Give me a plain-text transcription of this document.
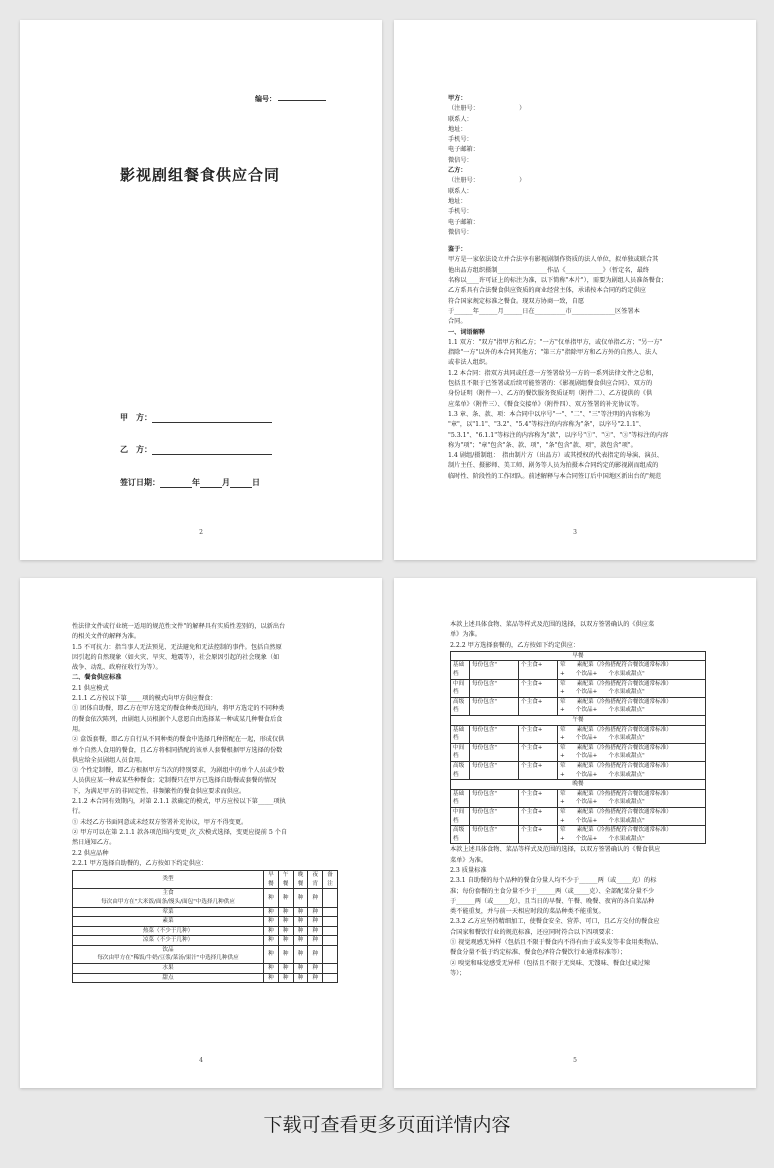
编号：
影视剧组餐食供应合同
甲　方：
乙　方：
签订日期：	年	月	日
2

甲方：

（注册号：　　　　　　　）

联系人：

地址：

手机号：

电子邮箱：

微信号：

乙方：

（注册号：　　　　　　　）

联系人：

地址：

手机号：

电子邮箱：

微信号：

鉴于：

甲方是一家依法设立并合法享有影视剧制作资质的法人单位，拟单独或联合其

他出品方组织摄制________________作品《____________》（暂定名，最终

名称以____许可证上的标注为准，以下简称"本片"），需要为剧组人员准备餐食；

乙方系具有合法餐食供应资质的商业经营主体，承诺按本合同的约定供应

符合国家规定标准之餐食。现双方协商一致，自愿

于______年______月______日在__________市______________区签署本

合同。

一、词语解释

1.1 双方："双方"指甲方和乙方；"一方"仅单指甲方，或仅单指乙方；"另一方"

指除"一方"以外的本合同其他方；"第三方"指除甲方和乙方外的自然人、法人

或非法人组织。

1.2 本合同：指双方共同或任意一方签署给另一方的一系列法律文件之总和，

包括且不限于已签署或后续可能签署的：《影视剧组餐食供应合同》、双方的

身份证明（附件一）、乙方的餐饮服务资质证明（附件二）、乙方提供的《供

应菜单》（附件三）、《餐食交接单》（附件四）、双方签署的补充协议等。

1.3 章、条、款、项：本合同中以序号"一"、"二"、"三"等注明的内容称为

"章"，以"1.1"、"3.2"、"5.4"等标注的内容称为"条"，以序号"2.1.1"、

"5.3.1"、"6.1.1"等标注的内容称为"款"，以序号"①"、"②"、"③"等标注的内容

称为"项"；"章"包含"条、款、项"，"条"包含"款、项"，款包含"项"。

1.4 剧组/摄制组：　指由制片方（出品方）或其授权的代表指定的导演、演员、

制片主任、摄影师、美工师、剧务等人员为拍摄本合同约定的影视剧而组成的

临时性、阶段性的工作团队。前述解释与本合同签订后中国地区新出台的"规范

3

性法律文件或行业统一适用的规范性文件"的解释具有实质性差别的，以新出台

的相关文件的解释为准。

1.5 不可抗力：指当事人无法预见、无法避免和无法控制的事件。包括自然原

因引起的自然现象（如火灾、旱灾、地震等），社会原因引起的社会现象（如

战争、动乱、政府征收行为等）。

二、餐食供应标准

2.1 供应模式

2.1.1 乙方按以下第_____项的模式向甲方供应餐食：

① 团体自助餐，即乙方在甲方选定的餐食种类范围内，将甲方选定的不同种类

的餐食依次陈列，由剧组人员根据个人意愿自由选择某一种或某几种餐食后食

用。

② 盒饭套餐，即乙方自行从不同种类的餐食中选择几种搭配在一起，形成仅供

单个自然人食用的餐食，且乙方将相同搭配的该单人套餐根据甲方选择的份数

供应给全员剧组人员食用。

③ 个性定制餐，即乙方根据甲方当次的特别要求，为剧组中的单个人员或少数

人员供应某一种或某些种餐食；定制餐只在甲方已选择自助餐或套餐的情况

下，为满足甲方的非固定性、非频繁性的餐食供应要求而供应。

2.1.2 本合同有效期内，对第 2.1.1 款确定的模式，甲方应按以下第_____项执

行。

① 未经乙方书面同意或未经双方签署补充协议，甲方不得变更。

② 甲方可以在第 2.1.1 款各项范围内变更_次_次模式选择，变更应提前 5 个自

然日通知乙方。

2.2 供应品种

2.2.1 甲方选择自助餐的，乙方按如下约定供应：

类型	早餐	午餐	晚餐	夜宵	备注

主食
每次由甲方在"大米饭/面条/馒头/面包"中选择几种供应	种	种	种	种	

荤菜	种	种	种	种	

素菜	种	种	种	种	

热菜（不少于几种）	种	种	种	种	

凉菜（不少于几种）	种	种	种	种	

饮品
每次由甲方在"稀饭/牛奶/豆浆/菜汤/果汁"中选择几种供应	种	种	种	种	

水果	种	种	种	种	

甜点	种	种	种	种	
4

本款上述具体食物、菜品等样式及范围的选择，以双方签署确认的《供应菜

单》为准。

2.2.2 甲方选择套餐的，乙方按如下约定供应：

早餐			
基础档	每份包含"	个主食+	荤　　素配菜（冷热搭配符合餐饮通常标准）
+　　个饮品+　　个水果或甜点"

中间档	每份包含"	个主食+	荤　　素配菜（冷热搭配符合餐饮通常标准）
+　　个饮品+　　个水果或甜点"

高级档	每份包含"	个主食+	荤　　素配菜（冷热搭配符合餐饮通常标准）
+　　个饮品+　　个水果或甜点"

午餐			
基础档	每份包含"	个主食+	荤　　素配菜（冷热搭配符合餐饮通常标准）
+　　个饮品+　　个水果或甜点"

中间档	每份包含"	个主食+	荤　　素配菜（冷热搭配符合餐饮通常标准）
+　　个饮品+　　个水果或甜点"

高级档	每份包含"	个主食+	荤　　素配菜（冷热搭配符合餐饮通常标准）
+　　个饮品+　　个水果或甜点"

晚餐			
基础档	每份包含"	个主食+	荤　　素配菜（冷热搭配符合餐饮通常标准）
+　　个饮品+　　个水果或甜点"

中间档	每份包含"	个主食+	荤　　素配菜（冷热搭配符合餐饮通常标准）
+　　个饮品+　　个水果或甜点"

高级档	每份包含"	个主食+	荤　　素配菜（冷热搭配符合餐饮通常标准）
+　　个饮品+　　个水果或甜点"

本款上述具体食物、菜品等样式及范围的选择，以双方签署确认的《餐食供应

菜单》为准。

2.3 质量标准

2.3.1 自助餐的每个品种的餐食分量人均不少于______两（或_____克）的标

准；每份套餐的主食分量不少于______两（或_____克）、全部配菜分量不少

于______两（或_____克），且当日的早餐、午餐、晚餐、夜宵的各自菜品种

类不能重复，并与前一天相应时段的菜品种类不能重复。

2.3.2 乙方应坚持精细加工，使餐食安全、营养、可口，且乙方交付的餐食应

合国家和餐饮行业的规范标准，还应同时符合以下四项要求：

① 视觉观感无异样（包括且不限于餐食内不得有由于或头发等非食用类物品、

餐食分量不低于约定标准、餐食色泽符合餐饮行业通常标准等）；

② 嗅觉和味觉感受无异样（包括且不限于无臭味、无馊味、餐食过咸过辣

等）；

5
下载可查看更多页面详情内容
